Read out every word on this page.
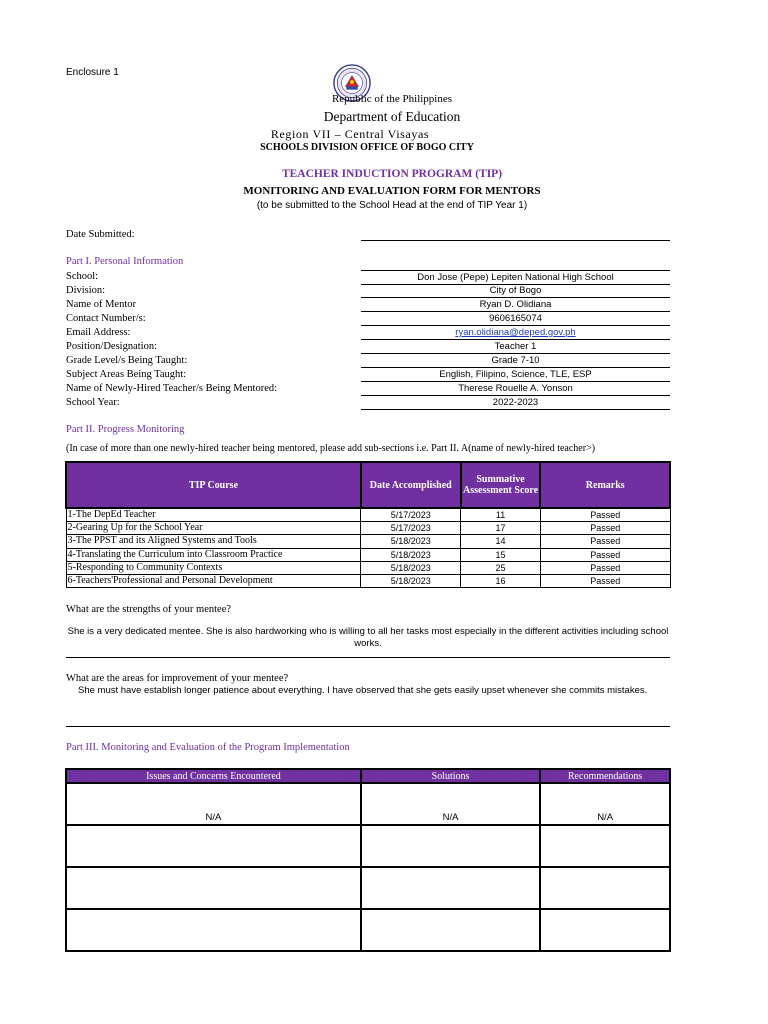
Enclosure 1
Republic of the Philippines
Department of Education
Region VII – Central Visayas
SCHOOLS DIVISION OFFICE OF BOGO CITY
TEACHER INDUCTION PROGRAM (TIP)
MONITORING AND EVALUATION FORM FOR MENTORS
(to be submitted to the School Head at the end of TIP Year 1)
Date Submitted:
Part I. Personal Information
School:	Don Jose (Pepe) Lepiten National High School
Division:	City of Bogo
Name of Mentor	Ryan D. Olidiana
Contact Number/s:	9606165074
Email Address:	ryan.olidiana@deped.gov.ph
Position/Designation:	Teacher 1
Grade Level/s Being Taught:	Grade 7-10
Subject Areas Being Taught:	English, Filipino, Science, TLE, ESP
Name of Newly-Hired Teacher/s Being Mentored:	Therese Rouelle A. Yonson
School Year:	2022-2023
Part II. Progress Monitoring
(In case of more than one newly-hired teacher being mentored, please add sub-sections i.e. Part II. A(name of newly-hired teacher>)
TIP Course	Date Accomplished	Summative Assessment Score	Remarks
1-The DepEd Teacher	5/17/2023	11	Passed
2-Gearing Up for the School Year	5/17/2023	17	Passed
3-The PPST and its Aligned Systems and Tools	5/18/2023	14	Passed
4-Translating the Curriculum into Classroom Practice	5/18/2023	15	Passed
5-Responding to Community Contexts	5/18/2023	25	Passed
6-Teachers'Professional and Personal Development	5/18/2023	16	Passed
What are the strengths of your mentee?
She is a very dedicated mentee. She is also hardworking who is willing to all her tasks most especially in the different activities including school works.
What are the areas for improvement of your mentee?
She must have establish longer patience about everything. I have observed that she gets easily upset whenever she commits mistakes.
Part III. Monitoring and Evaluation of the Program Implementation
Issues and Concerns Encountered	Solutions	Recommendations
N/A	N/A	N/A
